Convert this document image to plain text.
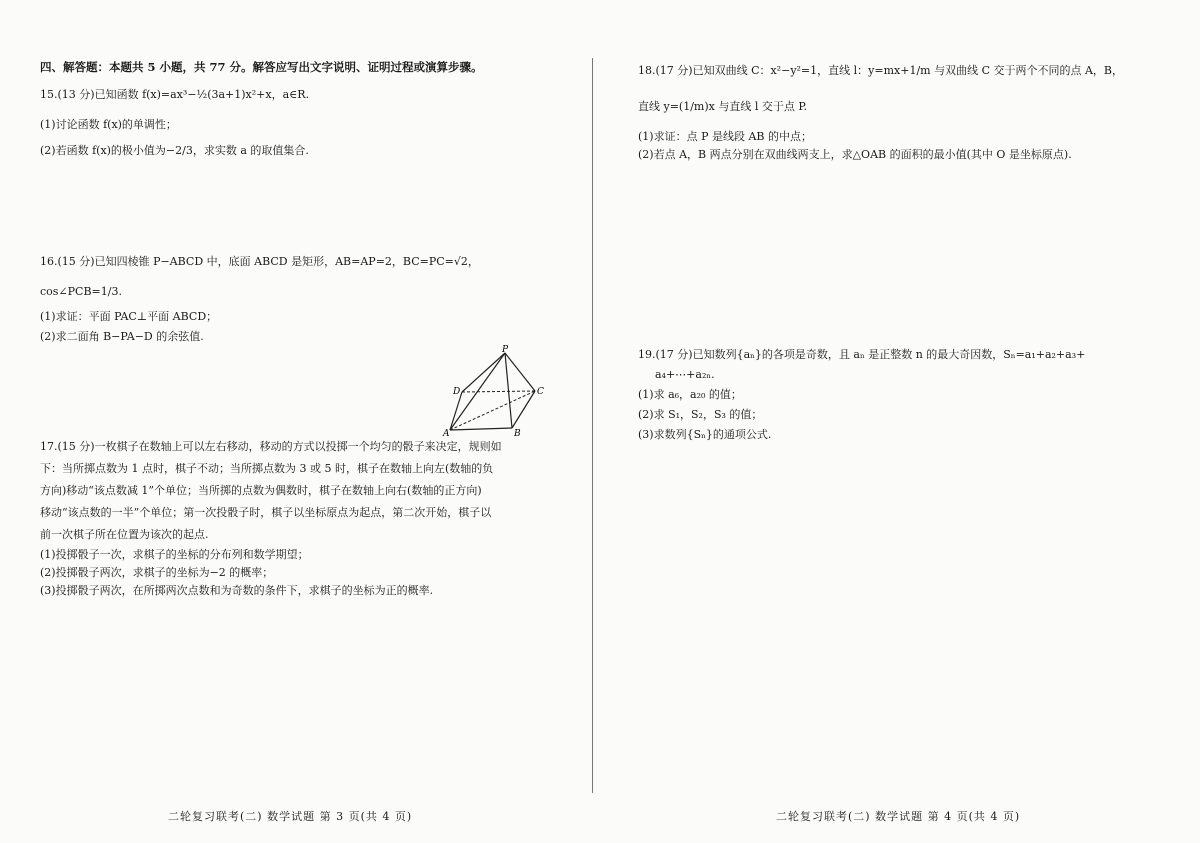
四、解答题：本题共 5 小题，共 77 分。解答应写出文字说明、证明过程或演算步骤。
15.(13 分)已知函数 f(x)=ax³−½(3a+1)x²+x，a∈R.
(1)讨论函数 f(x)的单调性；
(2)若函数 f(x)的极小值为−2/3，求实数 a 的取值集合.
16.(15 分)已知四棱锥 P−ABCD 中，底面 ABCD 是矩形，AB=AP=2，BC=PC=√2，
cos∠PCB=1/3.
(1)求证：平面 PAC⊥平面 ABCD；
(2)求二面角 B−PA−D 的余弦值.
P
D	C
A	B
17.(15 分)一枚棋子在数轴上可以左右移动，移动的方式以投掷一个均匀的骰子来决定，规则如
下：当所掷点数为 1 点时，棋子不动；当所掷点数为 3 或 5 时，棋子在数轴上向左(数轴的负
方向)移动“该点数减 1”个单位；当所掷的点数为偶数时，棋子在数轴上向右(数轴的正方向)
移动“该点数的一半”个单位；第一次投骰子时，棋子以坐标原点为起点，第二次开始，棋子以
前一次棋子所在位置为该次的起点.
(1)投掷骰子一次，求棋子的坐标的分布列和数学期望；
(2)投掷骰子两次，求棋子的坐标为−2 的概率；
(3)投掷骰子两次，在所掷两次点数和为奇数的条件下，求棋子的坐标为正的概率.
二轮复习联考(二) 数学试题 第 3 页(共 4 页)
18.(17 分)已知双曲线 C：x²−y²=1，直线 l：y=mx+1/m 与双曲线 C 交于两个不同的点 A，B，
直线 y=(1/m)x 与直线 l 交于点 P.
(1)求证：点 P 是线段 AB 的中点；
(2)若点 A，B 两点分别在双曲线两支上，求△OAB 的面积的最小值(其中 O 是坐标原点).
19.(17 分)已知数列{aₙ}的各项是奇数，且 aₙ 是正整数 n 的最大奇因数，Sₙ=a₁+a₂+a₃+
a₄+⋯+a₂ₙ.
(1)求 a₆，a₂₀ 的值；
(2)求 S₁，S₂，S₃ 的值；
(3)求数列{Sₙ}的通项公式.
二轮复习联考(二) 数学试题 第 4 页(共 4 页)
